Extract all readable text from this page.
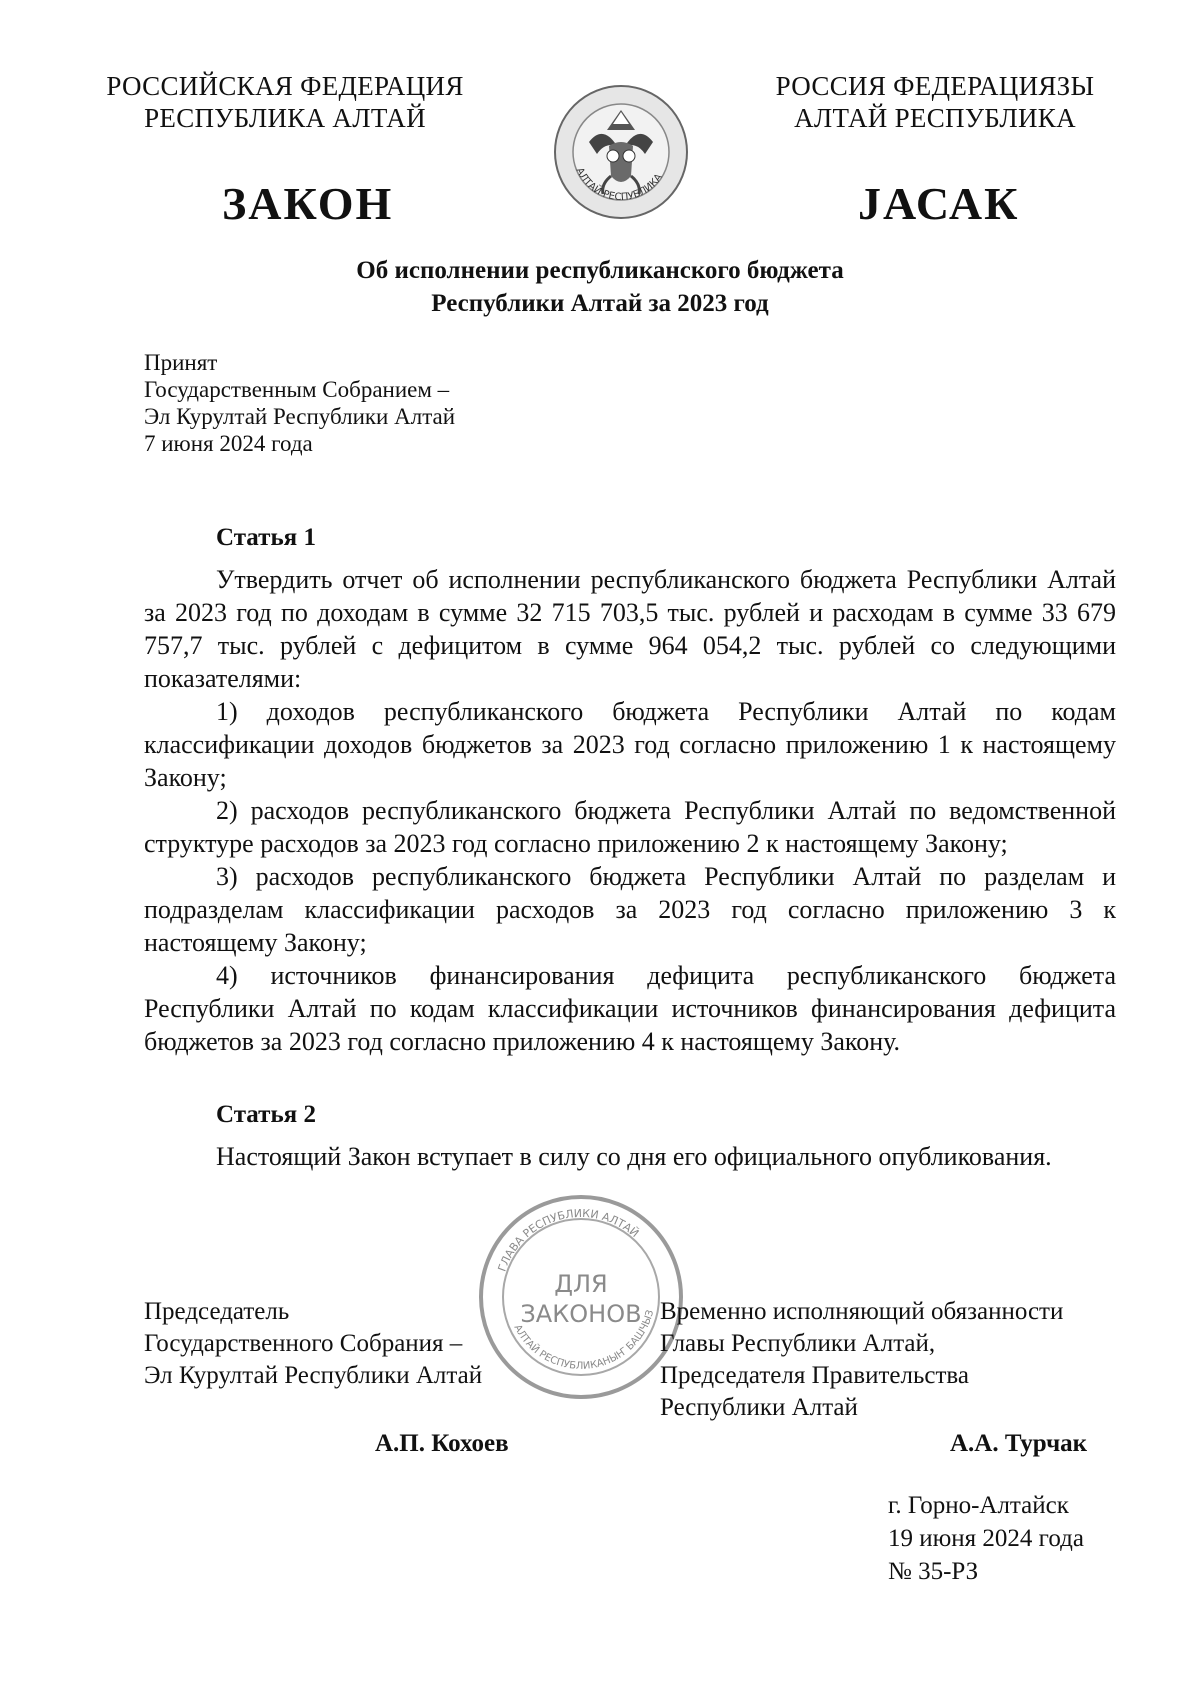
РОССИЙСКАЯ ФЕДЕРАЦИЯ
РЕСПУБЛИКА АЛТАЙ
РОССИЯ ФЕДЕРАЦИЯЗЫ
АЛТАЙ РЕСПУБЛИКА
АЛТАЙ РЕСПУБЛИКА
ЗАКОН	JАСАК
Об исполнении республиканского бюджета
Республики Алтай за 2023 год
Принят
Государственным Собранием –
Эл Курултай Республики Алтай
7 июня 2024 года
Статья 1

Утвердить отчет об исполнении республиканского бюджета Республики Алтай за 2023 год по доходам в сумме 32 715 703,5 тыс. рублей и расходам в сумме 33 679 757,7 тыс. рублей с дефицитом в сумме 964 054,2 тыс. рублей со следующими показателями:

1) доходов республиканского бюджета Республики Алтай по кодам классификации доходов бюджетов за 2023 год согласно приложению 1 к настоящему Закону;

2) расходов республиканского бюджета Республики Алтай по ведомственной структуре расходов за 2023 год согласно приложению 2 к настоящему Закону;

3) расходов республиканского бюджета Республики Алтай по разделам и подразделам классификации расходов за 2023 год согласно приложению 3 к настоящему Закону;

4) источников финансирования дефицита республиканского бюджета Республики Алтай по кодам классификации источников финансирования дефицита бюджетов за 2023 год согласно приложению 4 к настоящему Закону.

Статья 2

Настоящий Закон вступает в силу со дня его официального опубликования.

ГЛАВА РЕСПУБЛИКИ АЛТАЙ
АЛТАЙ РЕСПУБЛИКАНЫҤ БАШЧЫЗ
ДЛЯ
ЗАКОНОВ
Председатель
Государственного Собрания –
Эл Курултай Республики Алтай
Временно исполняющий обязанности
Главы Республики Алтай,
Председателя Правительства
Республики Алтай
А.П. Кохоев	А.А. Турчак
г. Горно-Алтайск
19 июня 2024 года
№ 35-РЗ
